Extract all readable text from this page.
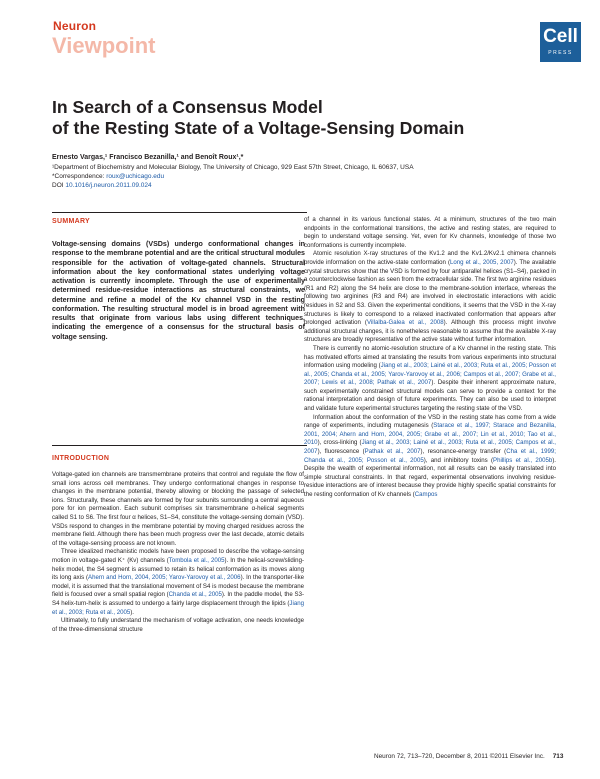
Neuron
Viewpoint	Cell
PRESS
In Search of a Consensus Model
of the Resting State of a Voltage-Sensing Domain
Ernesto Vargas,¹ Francisco Bezanilla,¹ and Benoît Roux¹,*
¹Department of Biochemistry and Molecular Biology, The University of Chicago, 929 East 57th Street, Chicago, IL 60637, USA
*Correspondence: roux@uchicago.edu
DOI 10.1016/j.neuron.2011.09.024
SUMMARY
Voltage-sensing domains (VSDs) undergo conformational changes in response to the membrane potential and are the critical structural modules responsible for the activation of voltage-gated channels. Structural information about the key conformational states underlying voltage activation is currently incomplete. Through the use of experimentally determined residue-residue interactions as structural constraints, we determine and refine a model of the Kv channel VSD in the resting conformation. The resulting structural model is in broad agreement with results that originate from various labs using different techniques, indicating the emergence of a consensus for the structural basis of voltage sensing.
INTRODUCTION

Voltage-gated ion channels are transmembrane proteins that control and regulate the flow of small ions across cell membranes. They undergo conformational changes in response to changes in the membrane potential, thereby allowing or blocking the passage of selected ions. Structurally, these channels are formed by four subunits surrounding a central aqueous pore for ion permeation. Each subunit comprises six transmembrane α-helical segments called S1 to S6. The first four α helices, S1–S4, constitute the voltage-sensing domain (VSD). VSDs respond to changes in the membrane potential by moving charged residues across the membrane field. Although there has been much progress over the last decade, atomic details of the voltage-sensing process are not known.

Three idealized mechanistic models have been proposed to describe the voltage-sensing motion in voltage-gated K⁺ (Kv) channels (Tombola et al., 2005). In the helical-screw/sliding-helix model, the S4 segment is assumed to retain its helical conformation as its moves along its long axis (Ahern and Horn, 2004, 2005; Yarov-Yarovoy et al., 2006). In the transporter-like model, it is assumed that the translational movement of S4 is modest because the membrane field is focused over a small spatial region (Chanda et al., 2005). In the paddle model, the S3-S4 helix-turn-helix is assumed to undergo a fairly large displacement through the lipids (Jiang et al., 2003; Ruta et al., 2005).

Ultimately, to fully understand the mechanism of voltage activation, one needs knowledge of the three-dimensional structure

of a channel in its various functional states. At a minimum, structures of the two main endpoints in the conformational transitions, the active and resting states, are required to begin to understand voltage sensing. Yet, even for Kv channels, knowledge of those two conformations is currently incomplete.

Atomic resolution X-ray structures of the Kv1.2 and the Kv1.2/Kv2.1 chimera channels provide information on the active-state conformation (Long et al., 2005, 2007). The available crystal structures show that the VSD is formed by four antiparallel helices (S1–S4), packed in a counterclockwise fashion as seen from the extracellular side. The first two arginine residues (R1 and R2) along the S4 helix are close to the membrane-solution interface, whereas the following two arginines (R3 and R4) are involved in electrostatic interactions with acidic residues in S2 and S3. Given the experimental conditions, it seems that the VSD in the X-ray structures is likely to correspond to a relaxed inactivated conformation that appears after prolonged activation (Villalba-Galea et al., 2008). Although this process might involve additional structural changes, it is nonetheless reasonable to assume that the available X-ray structures are broadly representative of the active state without further information.

There is currently no atomic-resolution structure of a Kv channel in the resting state. This has motivated efforts aimed at translating the results from various experiments into structural information using modeling (Jiang et al., 2003; Lainé et al., 2003; Ruta et al., 2005; Posson et al., 2005; Chanda et al., 2005; Yarov-Yarovoy et al., 2006; Campos et al., 2007; Grabe et al., 2007; Lewis et al., 2008; Pathak et al., 2007). Despite their inherent approximate nature, such experimentally constrained structural models can serve to provide a context for the rational interpretation and design of future experiments. They can also be used to interpret and validate future experimental structures targeting the resting state of the VSD.

Information about the conformation of the VSD in the resting state has come from a wide range of experiments, including mutagenesis (Starace et al., 1997; Starace and Bezanilla, 2001, 2004; Ahern and Horn, 2004, 2005; Grabe et al., 2007; Lin et al., 2010; Tao et al., 2010), cross-linking (Jiang et al., 2003; Lainé et al., 2003; Ruta et al., 2005; Campos et al., 2007), fluorescence (Pathak et al., 2007), resonance-energy transfer (Cha et al., 1999; Chanda et al., 2005; Posson et al., 2005), and inhibitory toxins (Phillips et al., 2005b). Despite the wealth of experimental information, not all results can be easily translated into simple structural constraints. In that regard, experimental observations involving residue-residue interactions are of interest because they provide highly specific spatial constraints for the resting conformation of Kv channels (Campos

Neuron 72, 713–720, December 8, 2011 ©2011 Elsevier Inc. 713
